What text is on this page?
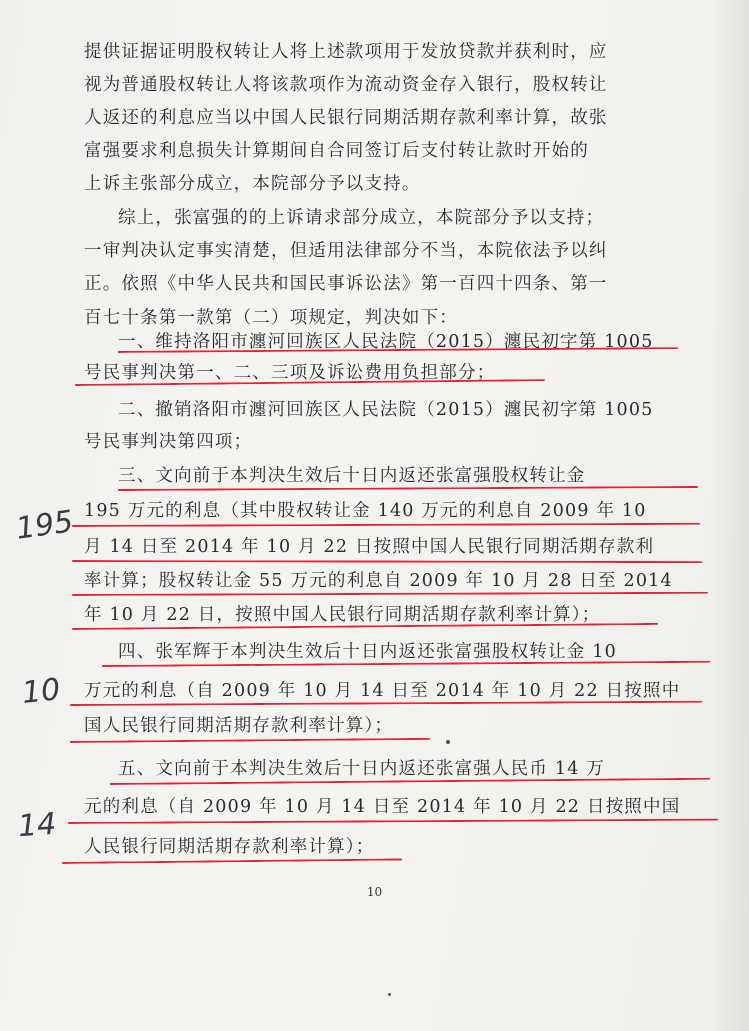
提供证据证明股权转让人将上述款项用于发放贷款并获利时，应
视为普通股权转让人将该款项作为流动资金存入银行，股权转让
人返还的利息应当以中国人民银行同期活期存款利率计算，故张
富强要求利息损失计算期间自合同签订后支付转让款时开始的
上诉主张部分成立，本院部分予以支持。
综上，张富强的的上诉请求部分成立，本院部分予以支持；
一审判决认定事实清楚，但适用法律部分不当，本院依法予以纠
正。依照《中华人民共和国民事诉讼法》第一百四十四条、第一
百七十条第一款第（二）项规定，判决如下：
一、维持洛阳市瀍河回族区人民法院（2015）瀍民初字第 1005
号民事判决第一、二、三项及诉讼费用负担部分；
二、撤销洛阳市瀍河回族区人民法院（2015）瀍民初字第 1005
号民事判决第四项；
三、文向前于本判决生效后十日内返还张富强股权转让金
195 万元的利息（其中股权转让金 140 万元的利息自 2009 年 10
月 14 日至 2014 年 10 月 22 日按照中国人民银行同期活期存款利
率计算；股权转让金 55 万元的利息自 2009 年 10 月 28 日至 2014
年 10 月 22 日，按照中国人民银行同期活期存款利率计算）；
四、张军辉于本判决生效后十日内返还张富强股权转让金 10
万元的利息（自 2009 年 10 月 14 日至 2014 年 10 月 22 日按照中
国人民银行同期活期存款利率计算）；
五、文向前于本判决生效后十日内返还张富强人民币 14 万
元的利息（自 2009 年 10 月 14 日至 2014 年 10 月 22 日按照中国
人民银行同期活期存款利率计算）；
195
10
14
10
